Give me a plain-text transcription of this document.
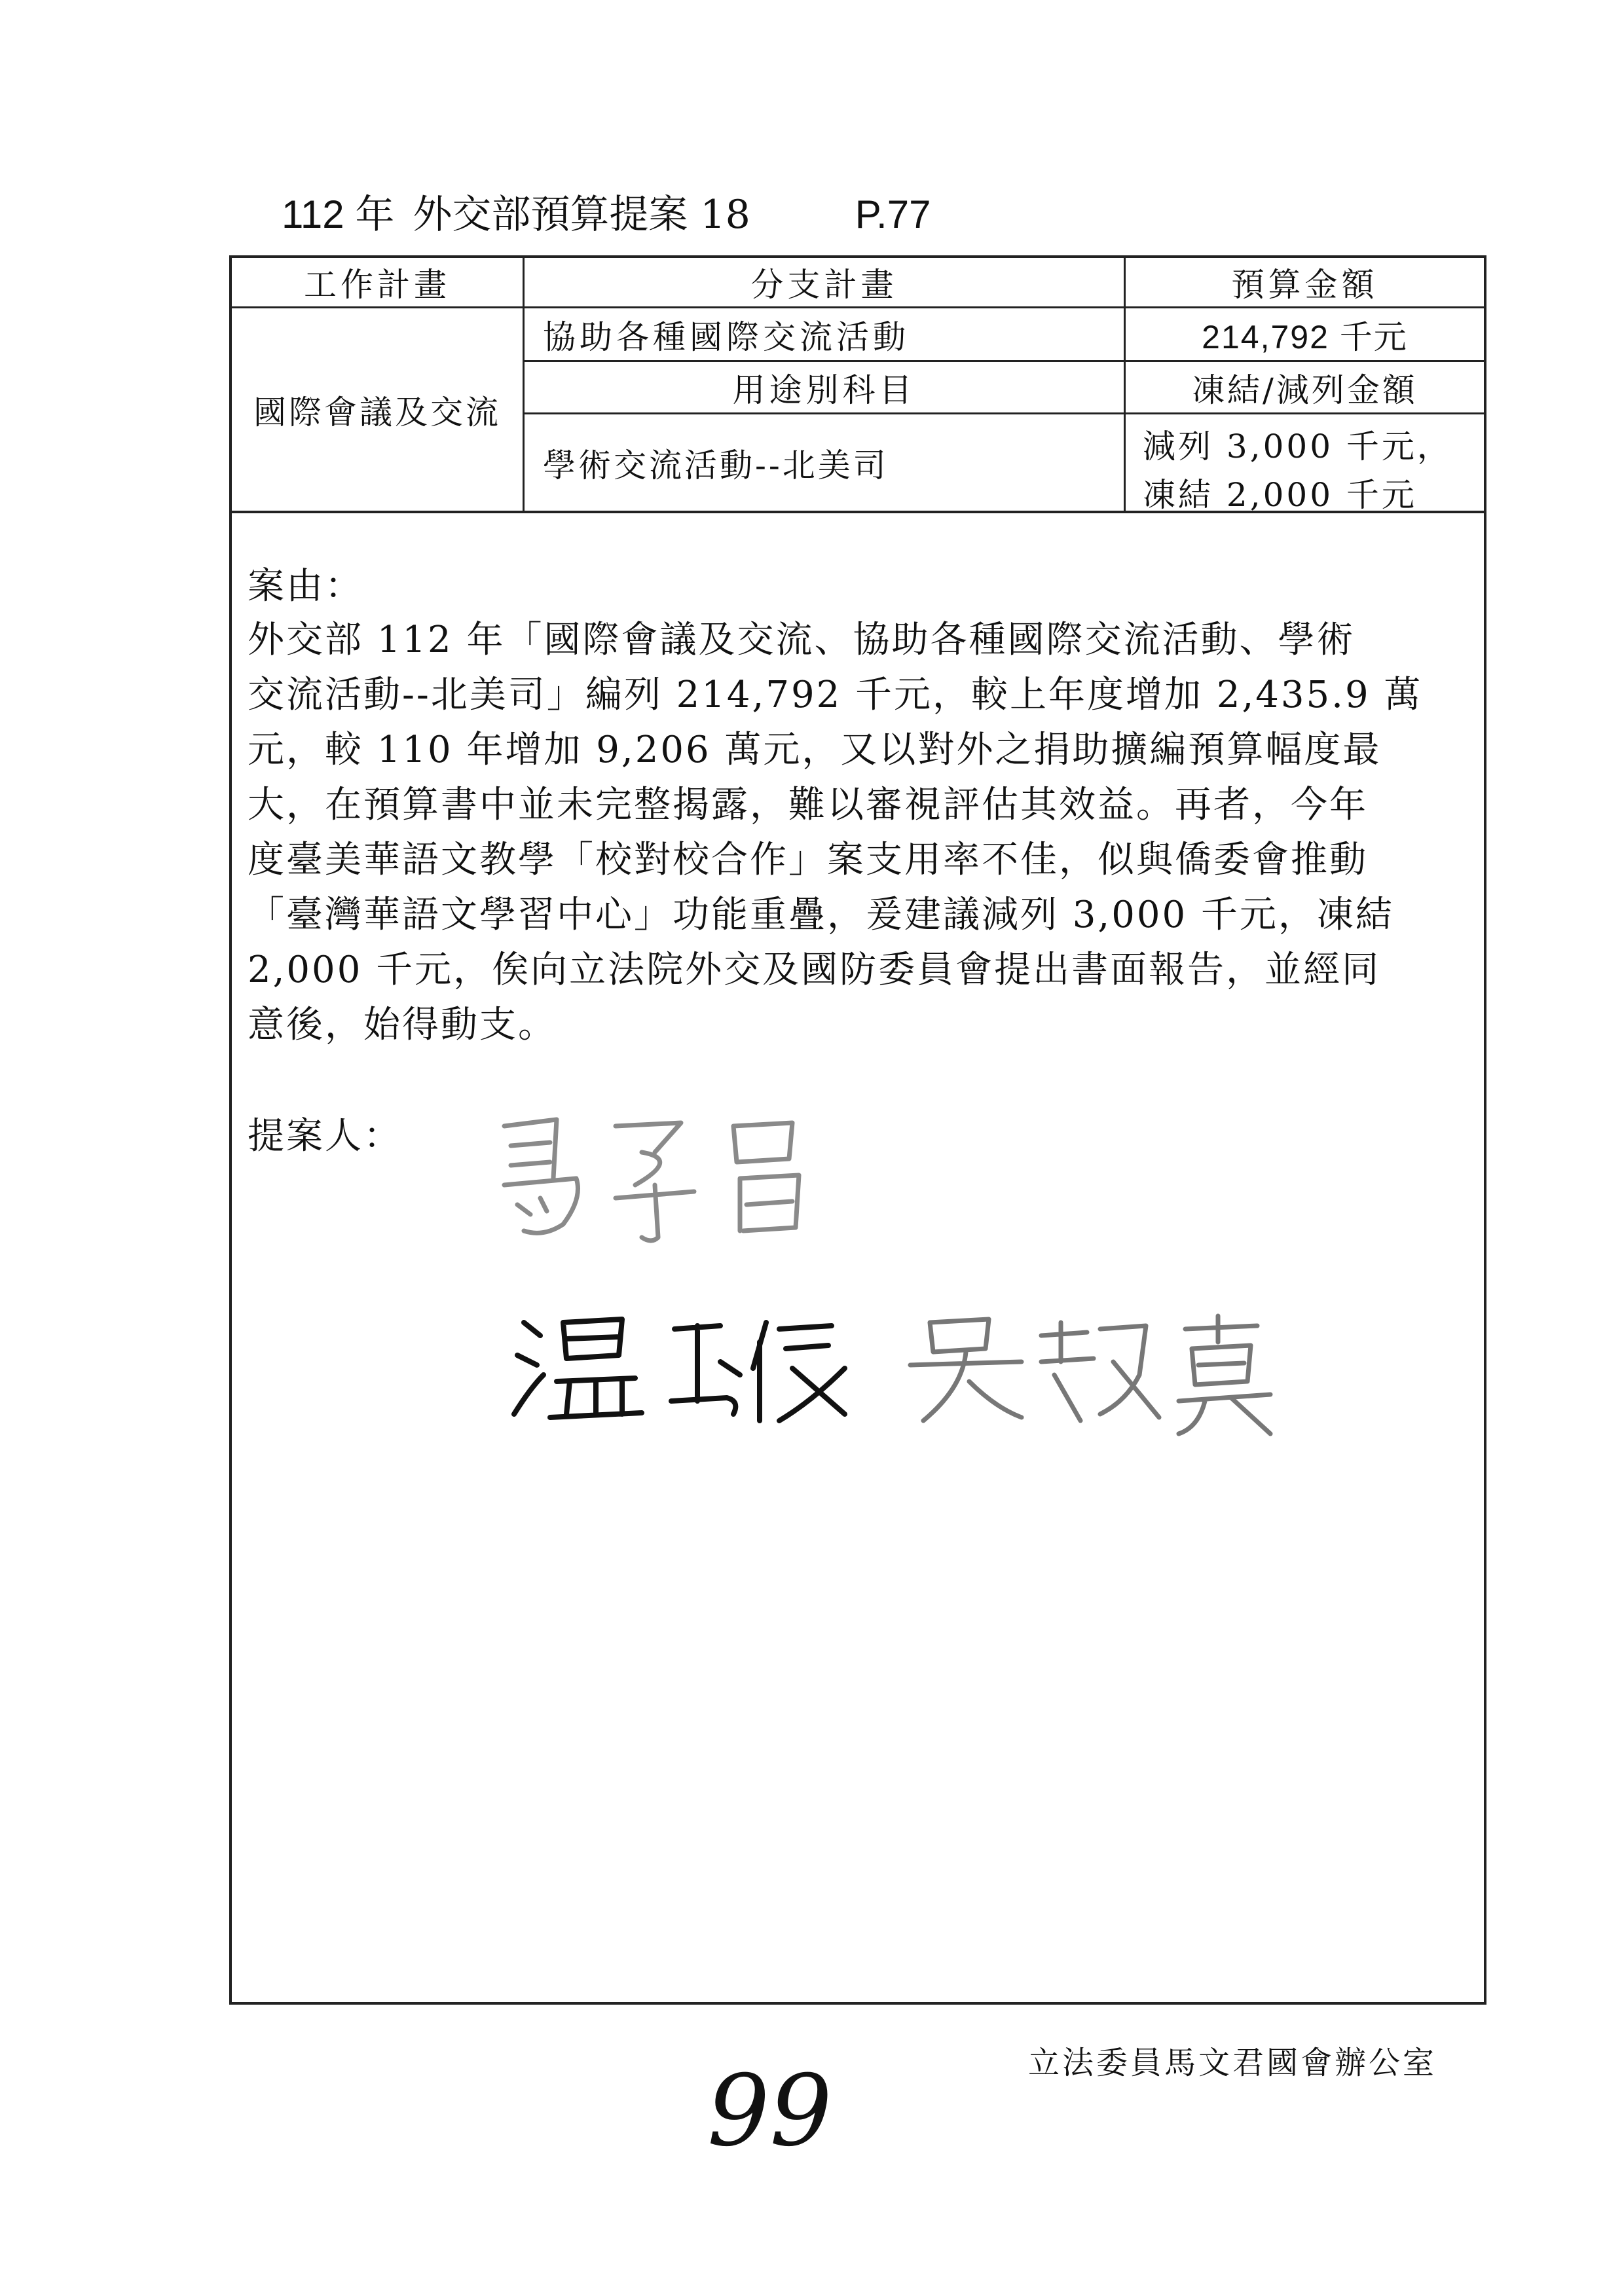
112 年 外交部預算提案 18	P.77
工作計畫	分支計畫	預算金額
國際會議及交流
協助各種國際交流活動	214,792 千元
用途別科目	凍結/減列金額
學術交流活動--北美司	減列 3,000 千元，
凍結 2,000 千元
案由：
外交部 112 年「國際會議及交流、協助各種國際交流活動、學術
交流活動--北美司」編列 214,792 千元，較上年度增加 2,435.9 萬
元，較 110 年增加 9,206 萬元，又以對外之捐助擴編預算幅度最
大，在預算書中並未完整揭露，難以審視評估其效益。再者，今年
度臺美華語文教學「校對校合作」案支用率不佳，似與僑委會推動
「臺灣華語文學習中心」功能重疊，爰建議減列 3,000 千元，凍結
2,000 千元，俟向立法院外交及國防委員會提出書面報告，並經同
意後，始得動支。
提案人：
立法委員馬文君國會辦公室
99
